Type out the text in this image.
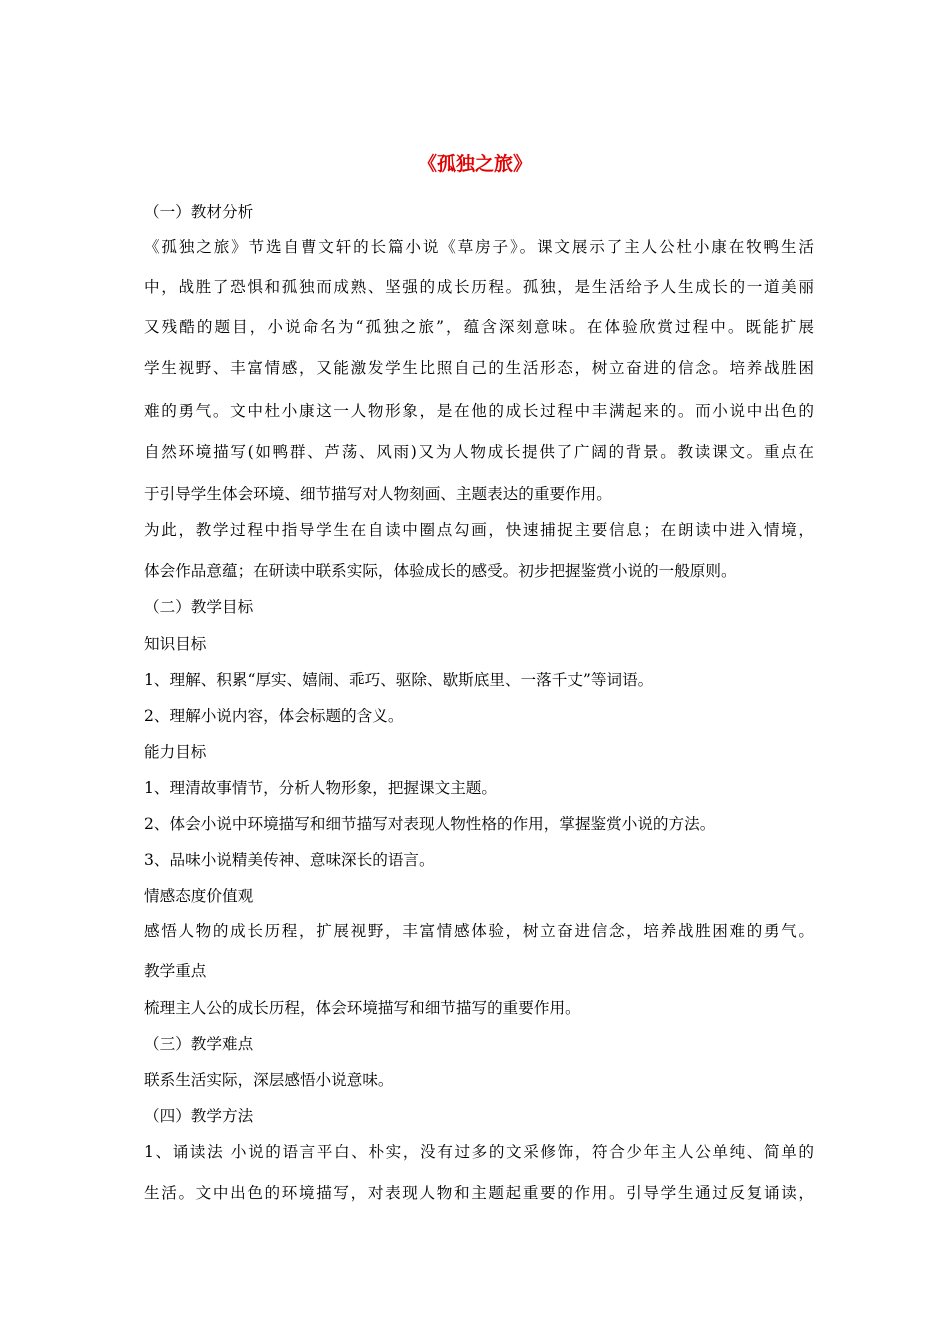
《孤独之旅》
（一）教材分析
《孤独之旅》节选自曹文轩的长篇小说《草房子》。课文展示了主人公杜小康在牧鸭生活
中，战胜了恐惧和孤独而成熟、坚强的成长历程。孤独，是生活给予人生成长的一道美丽
又残酷的题目，小说命名为“孤独之旅”，蕴含深刻意味。在体验欣赏过程中。既能扩展
学生视野、丰富情感，又能激发学生比照自己的生活形态，树立奋进的信念。培养战胜困
难的勇气。文中杜小康这一人物形象，是在他的成长过程中丰满起来的。而小说中出色的
自然环境描写(如鸭群、芦荡、风雨)又为人物成长提供了广阔的背景。教读课文。重点在
于引导学生体会环境、细节描写对人物刻画、主题表达的重要作用。
为此，教学过程中指导学生在自读中圈点勾画，快速捕捉主要信息；在朗读中进入情境，
体会作品意蕴；在研读中联系实际，体验成长的感受。初步把握鉴赏小说的一般原则。
（二）教学目标
知识目标
1、理解、积累“厚实、嬉闹、乖巧、驱除、歇斯底里、一落千丈”等词语。
2、理解小说内容，体会标题的含义。
能力目标
1、理清故事情节，分析人物形象，把握课文主题。
2、体会小说中环境描写和细节描写对表现人物性格的作用，掌握鉴赏小说的方法。
3、品味小说精美传神、意味深长的语言。
情感态度价值观
感悟人物的成长历程，扩展视野，丰富情感体验，树立奋进信念，培养战胜困难的勇气。
教学重点
梳理主人公的成长历程，体会环境描写和细节描写的重要作用。
（三）教学难点
联系生活实际，深层感悟小说意味。
（四）教学方法
1、诵读法 小说的语言平白、朴实，没有过多的文采修饰，符合少年主人公单纯、简单的
生活。文中出色的环境描写，对表现人物和主题起重要的作用。引导学生通过反复诵读，
